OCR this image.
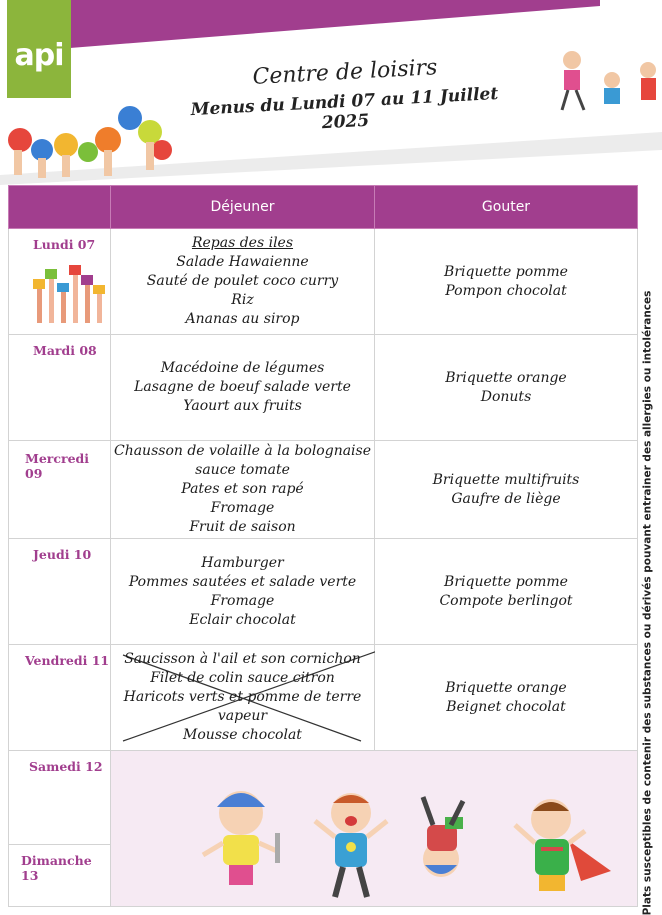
api	Centre de loisirs
Menus du Lundi 07 au 11 Juillet 2025
	Déjeuner	Gouter

Lundi 07	Repas des iles
Salade Hawaienne
Sauté de poulet coco curry
Riz
Ananas au sirop	Briquette pomme
Pompon chocolat

Mardi 08	Macédoine de légumes
Lasagne de boeuf salade verte
Yaourt aux fruits	Briquette orange
Donuts

Mercredi 09	Chausson de volaille à la bolognaise
sauce tomate
Pates et son rapé
Fromage
Fruit de saison	Briquette multifruits
Gaufre de liège

Jeudi 10	Hamburger
Pommes sautées et salade verte
Fromage
Eclair chocolat	Briquette pomme
Compote berlingot

Vendredi 11	Saucisson à l'ail et son cornichon
Filet de colin sauce citron
Haricots verts et pomme de terre vapeur
Mousse chocolat	Briquette orange
Beignet chocolat

Samedi 12

Dimanche 13			Plats susceptibles de contenir des substances ou dérivés pouvant entrainer des allergies ou intolérances
